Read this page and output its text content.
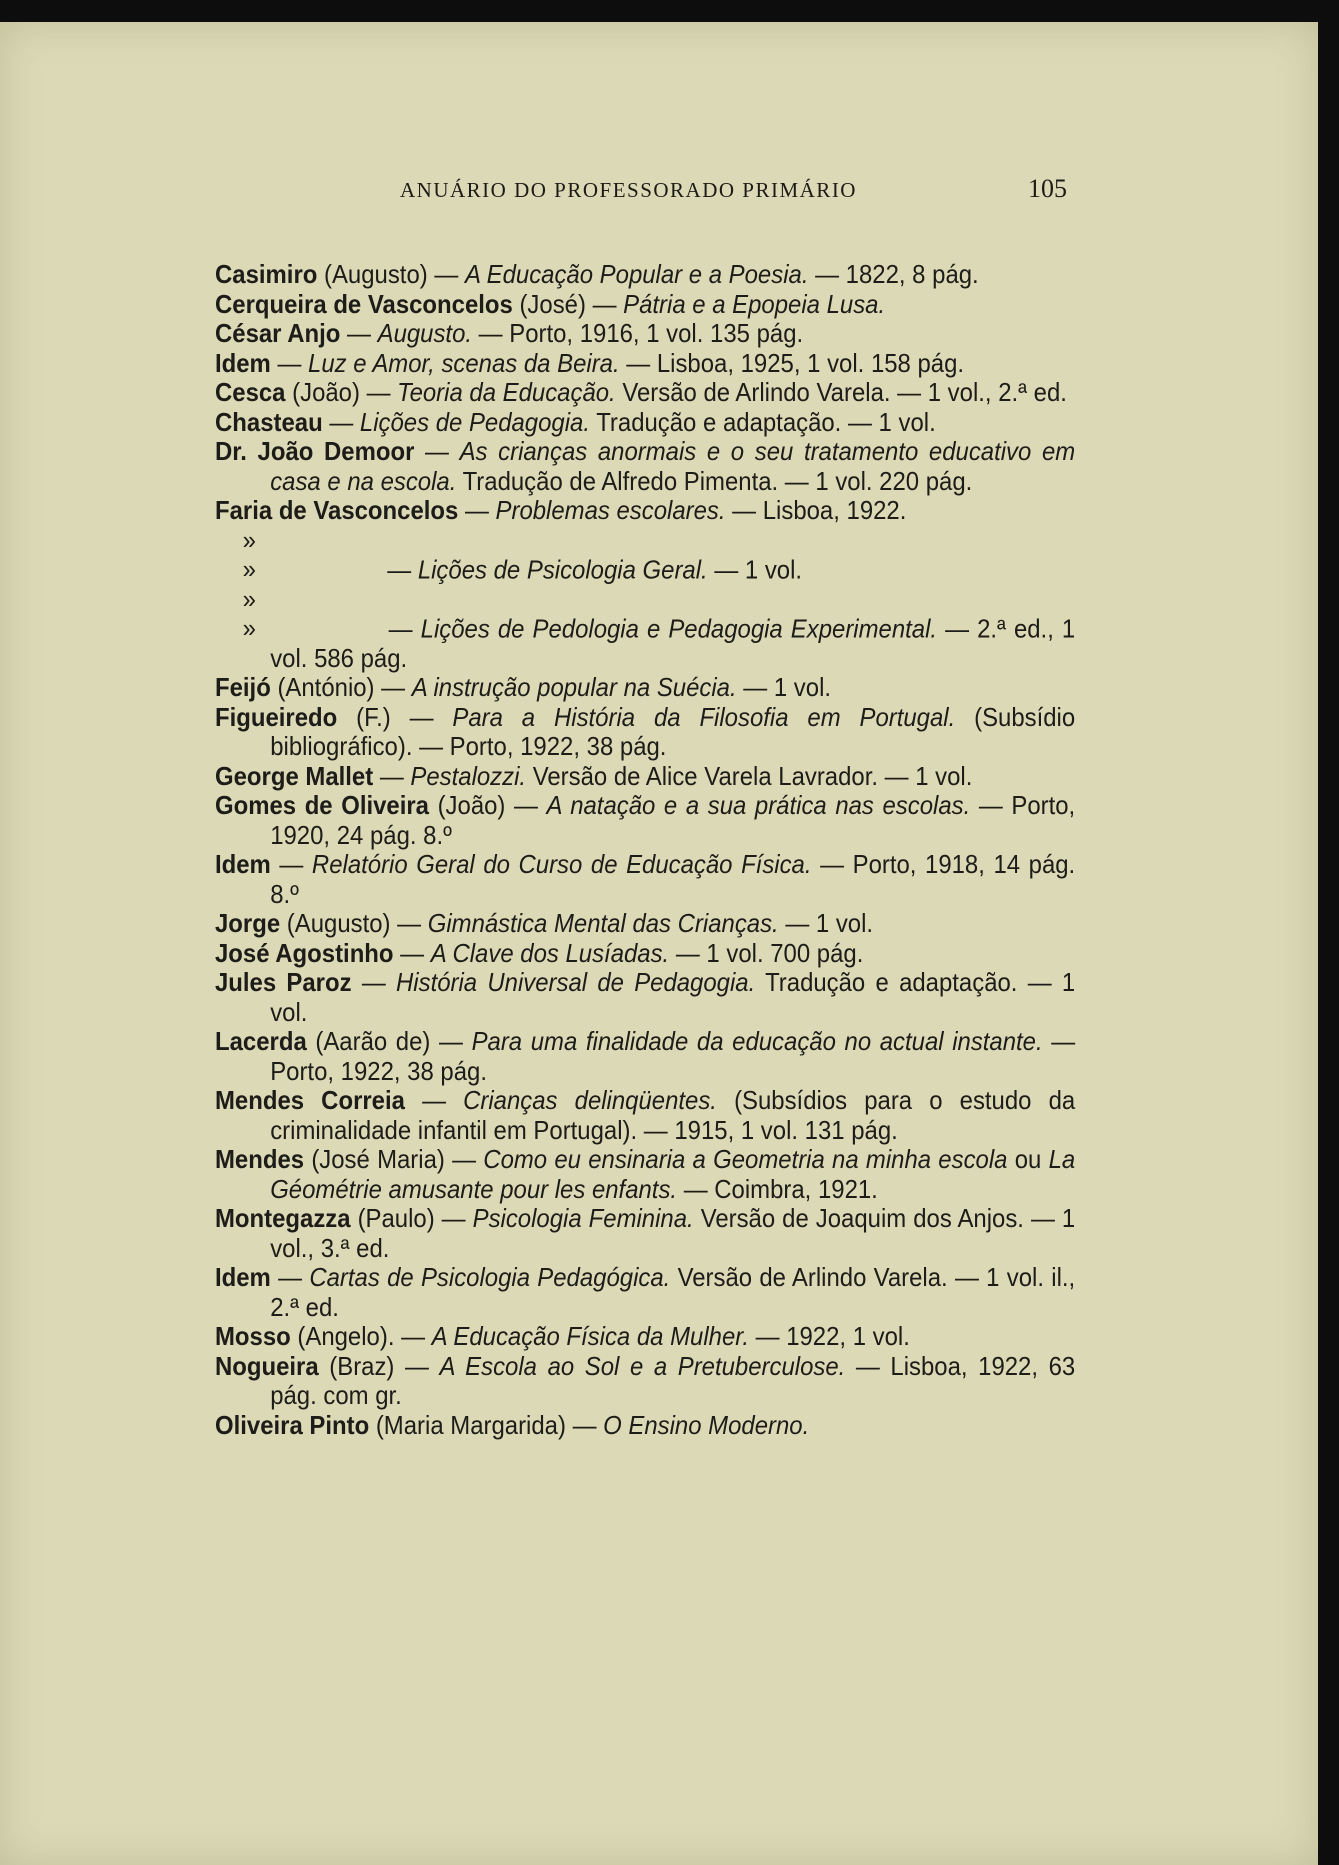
ANUÁRIO DO PROFESSORADO PRIMÁRIO	105
Casimiro (Augusto) — A Educação Popular e a Poesia. — 1822, 8 pág.
Cerqueira de Vasconcelos (José) — Pátria e a Epopeia Lusa.
César Anjo — Augusto. — Porto, 1916, 1 vol. 135 pág.
Idem — Luz e Amor, scenas da Beira. — Lisboa, 1925, 1 vol. 158 pág.
Cesca (João) — Teoria da Educação. Versão de Arlindo Varela. — 1 vol., 2.ª ed.
Chasteau — Lições de Pedagogia. Tradução e adaptação. — 1 vol.
Dr. João Demoor — As crianças anormais e o seu tratamento educativo em casa e na escola. Tradução de Alfredo Pimenta. — 1 vol. 220 pág.
Faria de Vasconcelos — Problemas escolares. — Lisboa, 1922.
»»	— Lições de Psicologia Geral. — 1 vol.
»»	— Lições de Pedologia e Pedagogia Experimental. — 2.ª ed., 1 vol. 586 pág.
Feijó (António) — A instrução popular na Suécia. — 1 vol.
Figueiredo (F.) — Para a História da Filosofia em Portugal. (Subsídio bibliográfico). — Porto, 1922, 38 pág.
George Mallet — Pestalozzi. Versão de Alice Varela Lavrador. — 1 vol.
Gomes de Oliveira (João) — A natação e a sua prática nas escolas. — Porto, 1920, 24 pág. 8.º
Idem — Relatório Geral do Curso de Educação Física. — Porto, 1918, 14 pág. 8.º
Jorge (Augusto) — Gimnástica Mental das Crianças. — 1 vol.
José Agostinho — A Clave dos Lusíadas. — 1 vol. 700 pág.
Jules Paroz — História Universal de Pedagogia. Tradução e adaptação. — 1 vol.
Lacerda (Aarão de) — Para uma finalidade da educação no actual instante. — Porto, 1922, 38 pág.
Mendes Correia — Crianças delinqüentes. (Subsídios para o estudo da criminalidade infantil em Portugal). — 1915, 1 vol. 131 pág.
Mendes (José Maria) — Como eu ensinaria a Geometria na minha escola ou La Géométrie amusante pour les enfants. — Coimbra, 1921.
Montegazza (Paulo) — Psicologia Feminina. Versão de Joaquim dos Anjos. — 1 vol., 3.ª ed.
Idem — Cartas de Psicologia Pedagógica. Versão de Arlindo Varela. — 1 vol. il., 2.ª ed.
Mosso (Angelo). — A Educação Física da Mulher. — 1922, 1 vol.
Nogueira (Braz) — A Escola ao Sol e a Pretuberculose. — Lisboa, 1922, 63 pág. com gr.
Oliveira Pinto (Maria Margarida) — O Ensino Moderno.
